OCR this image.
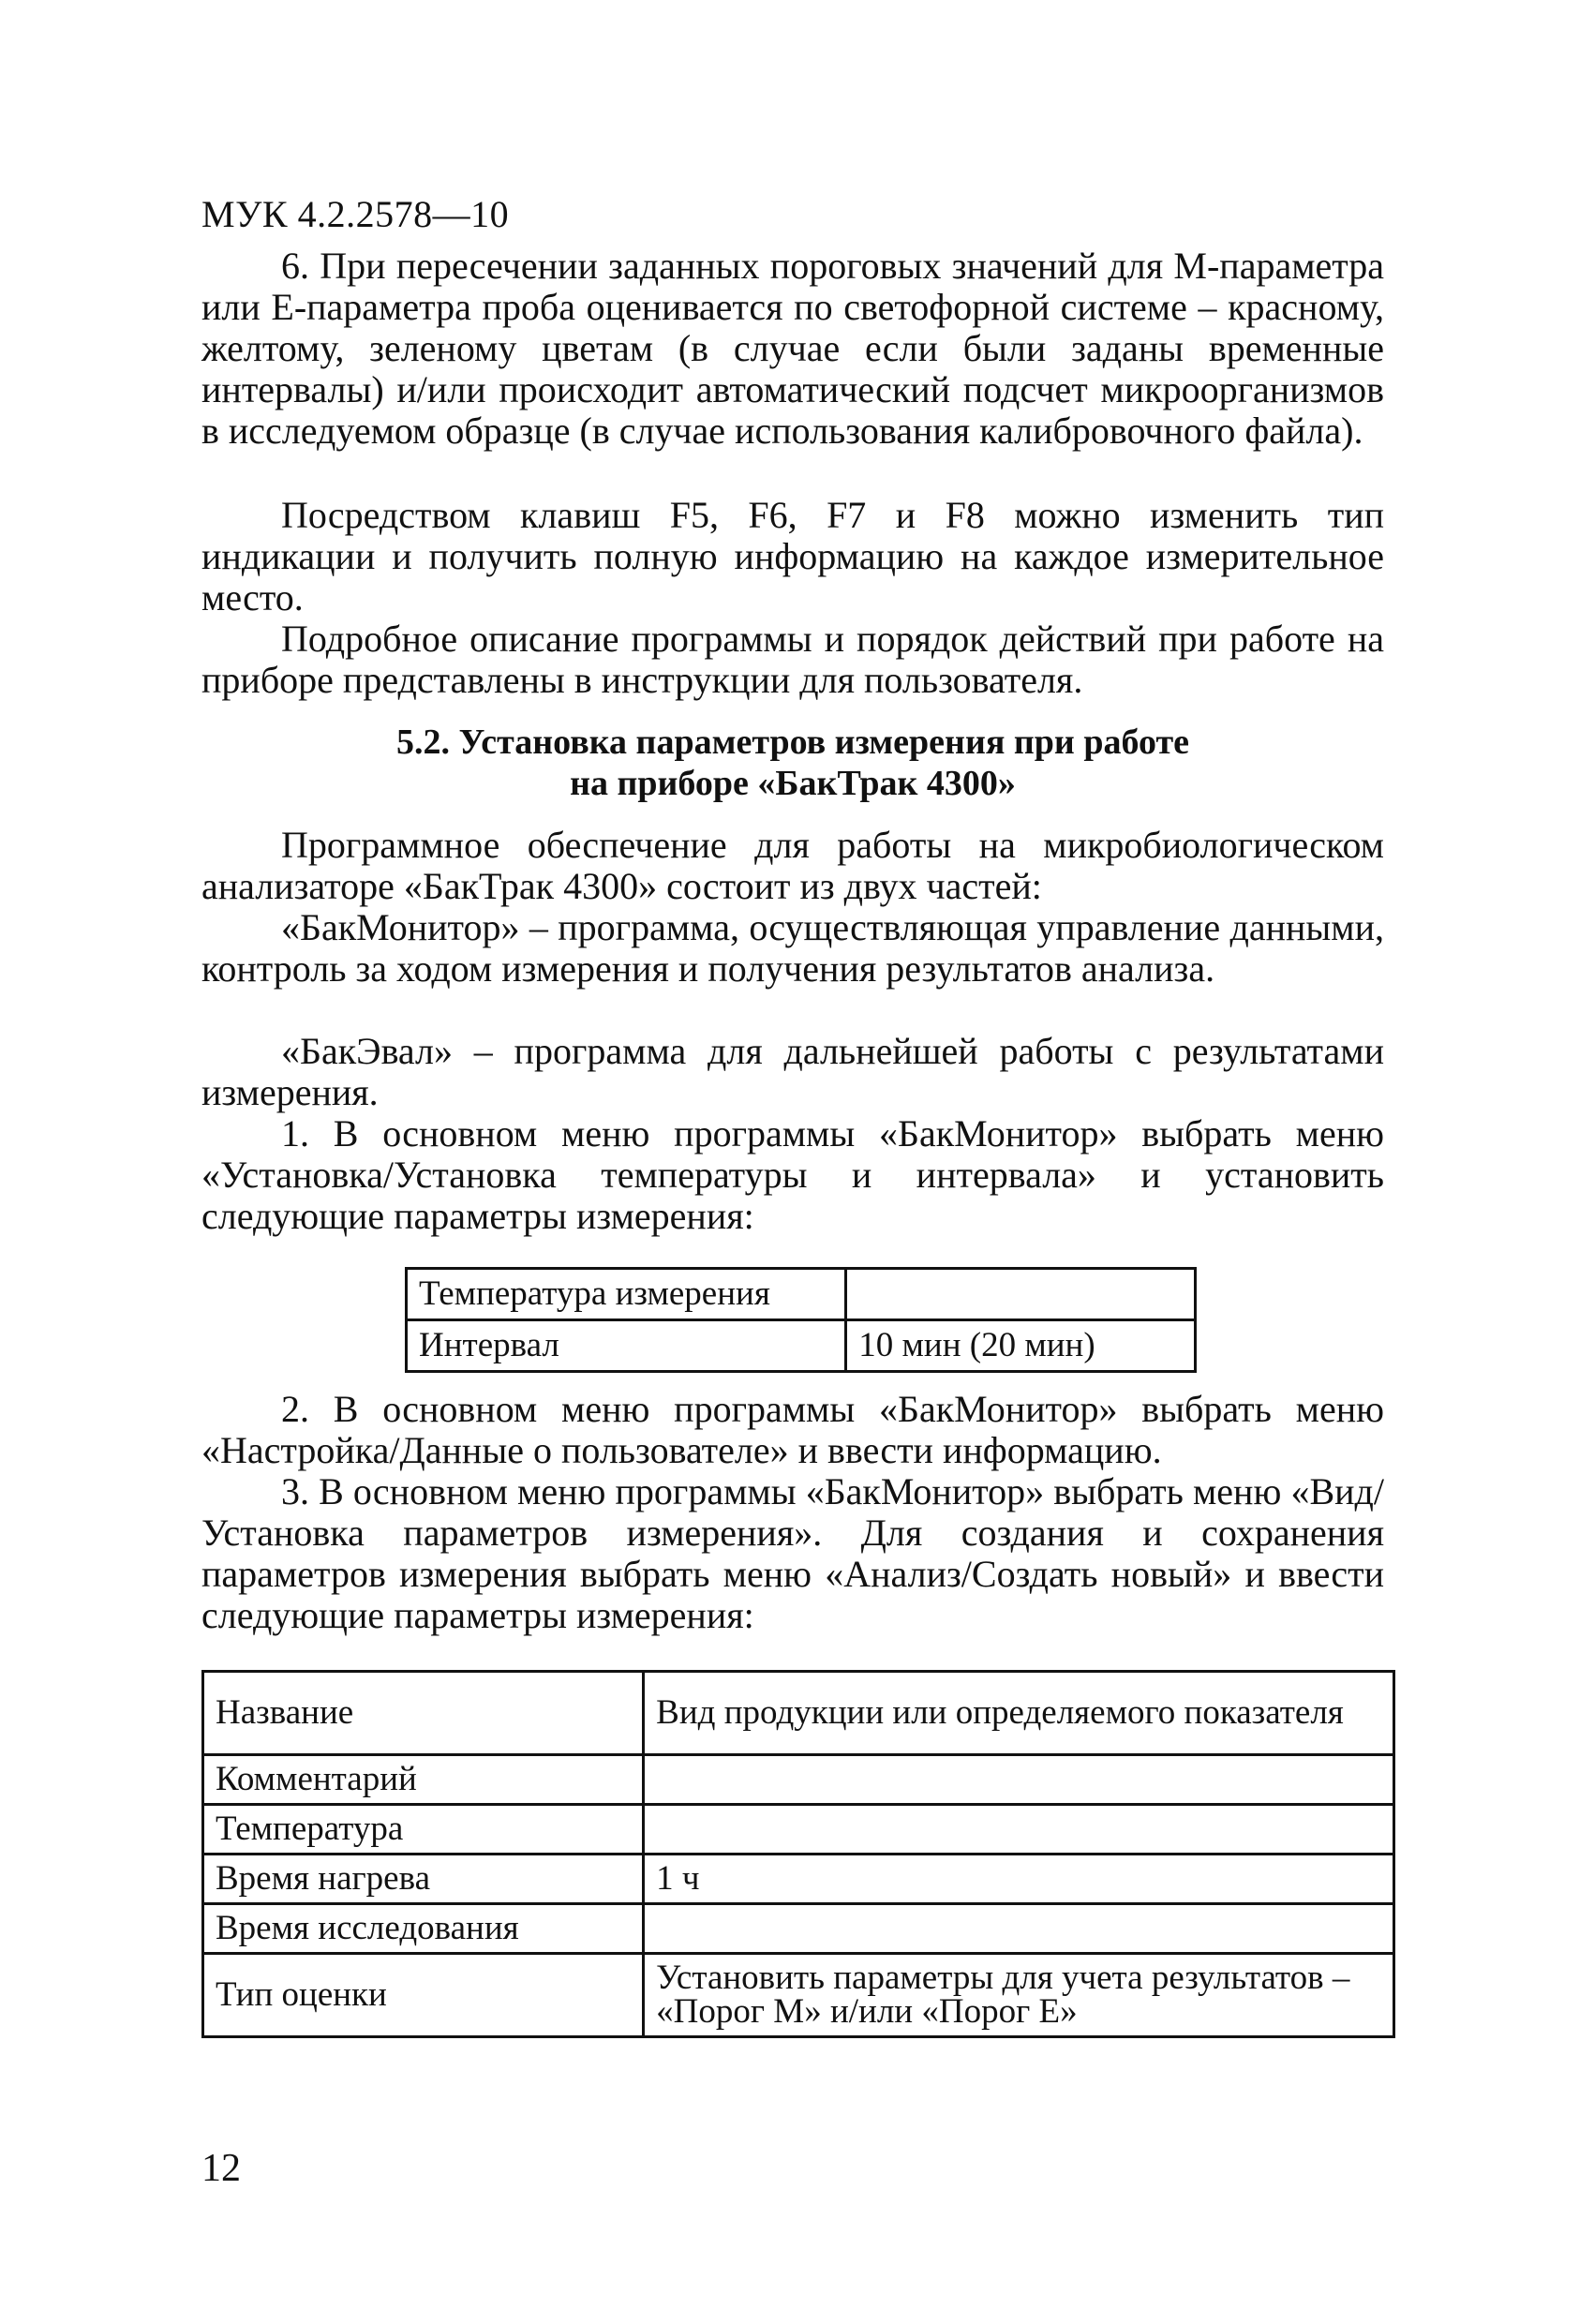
МУК 4.2.2578—10

6. При пересечении заданных пороговых значений для М-параметра или Е-параметра проба оценивается по светофорной системе – красному, желтому, зеленому цветам (в случае если были заданы временные интервалы) и/или происходит автоматический подсчет микроорганизмов в исследуемом образце (в случае использования калибровочного файла).

Посредством клавиш F5, F6, F7 и F8 можно изменить тип индикации и получить полную информацию на каждое измерительное место.

Подробное описание программы и порядок действий при работе на приборе представлены в инструкции для пользователя.

5.2. Установка параметров измерения при работе

на приборе «БакТрак 4300»

Программное обеспечение для работы на микробиологическом анализаторе «БакТрак 4300» состоит из двух частей:

«БакМонитор» – программа, осуществляющая управление данными, контроль за ходом измерения и получения результатов анализа.

«БакЭвал» – программа для дальнейшей работы с результатами измерения.

1. В основном меню программы «БакМонитор» выбрать меню «Установка/Установка температуры и интервала» и установить следующие параметры измерения:

Температура измерения	
Интервал	10 мин (20 мин)

2. В основном меню программы «БакМонитор» выбрать меню «Настройка/Данные о пользователе» и ввести информацию.

3. В основном меню программы «БакМонитор» выбрать меню «Вид/Установка параметров измерения». Для создания и сохранения параметров измерения выбрать меню «Анализ/Создать новый» и ввести следующие параметры измерения:

Название	Вид продукции или определяемого показателя
Комментарий	
Температура	
Время нагрева	1 ч
Время исследования	
Тип оценки	Установить параметры для учета результатов – «Порог М» и/или «Порог Е»
12
